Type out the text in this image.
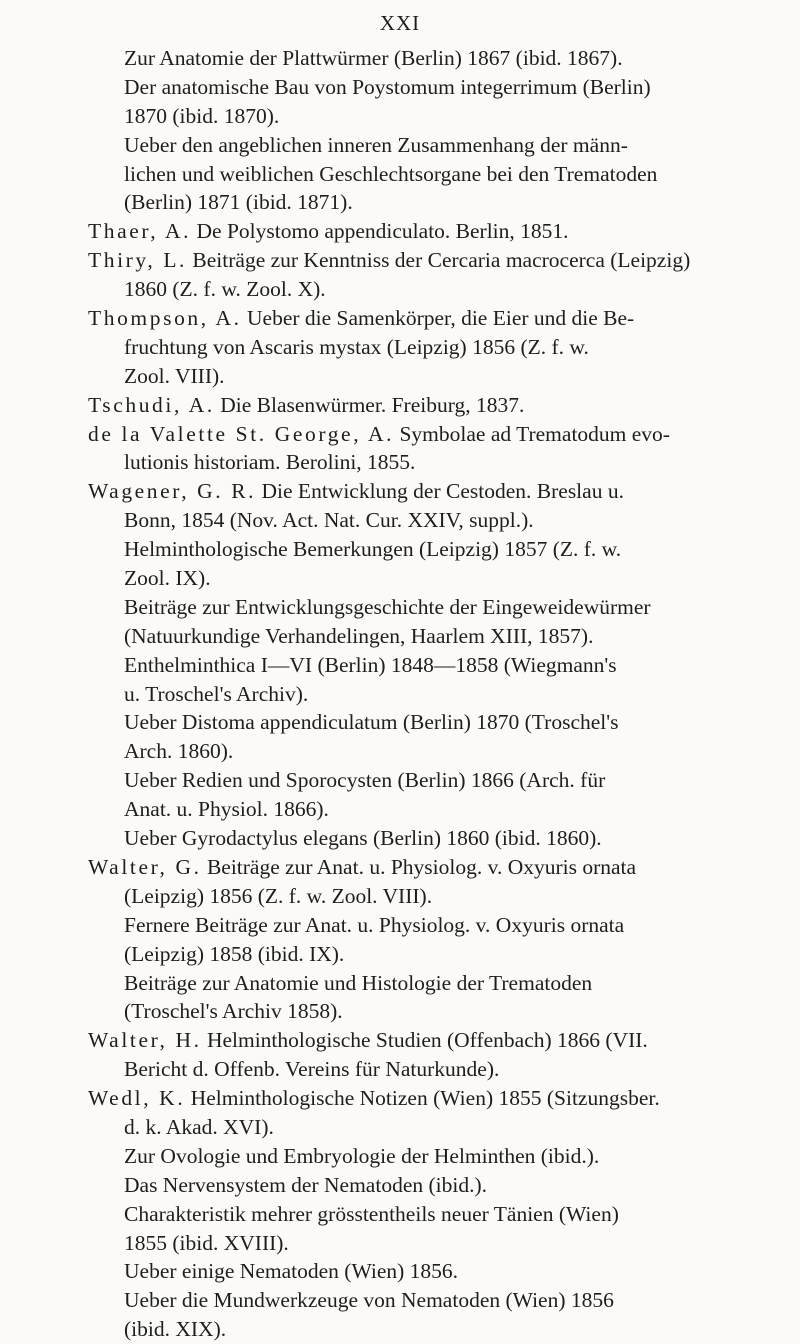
XXI
Zur Anatomie der Plattwürmer (Berlin) 1867 (ibid. 1867).
Der anatomische Bau von Poystomum integerrimum (Berlin)
1870 (ibid. 1870).
Ueber den angeblichen inneren Zusammenhang der männ-
lichen und weiblichen Geschlechtsorgane bei den Trematoden
(Berlin) 1871 (ibid. 1871).
Thaer, A. De Polystomo appendiculato. Berlin, 1851.
Thiry, L. Beiträge zur Kenntniss der Cercaria macrocerca (Leipzig)
1860 (Z. f. w. Zool. X).
Thompson, A. Ueber die Samenkörper, die Eier und die Be-
fruchtung von Ascaris mystax (Leipzig) 1856 (Z. f. w.
Zool. VIII).
Tschudi, A. Die Blasenwürmer. Freiburg, 1837.
de la Valette St. George, A. Symbolae ad Trematodum evo-
lutionis historiam. Berolini, 1855.
Wagener, G. R. Die Entwicklung der Cestoden. Breslau u.
Bonn, 1854 (Nov. Act. Nat. Cur. XXIV, suppl.).
Helminthologische Bemerkungen (Leipzig) 1857 (Z. f. w.
Zool. IX).
Beiträge zur Entwicklungsgeschichte der Eingeweidewürmer
(Natuurkundige Verhandelingen, Haarlem XIII, 1857).
Enthelminthica I—VI (Berlin) 1848—1858 (Wiegmann's
u. Troschel's Archiv).
Ueber Distoma appendiculatum (Berlin) 1870 (Troschel's
Arch. 1860).
Ueber Redien und Sporocysten (Berlin) 1866 (Arch. für
Anat. u. Physiol. 1866).
Ueber Gyrodactylus elegans (Berlin) 1860 (ibid. 1860).
Walter, G. Beiträge zur Anat. u. Physiolog. v. Oxyuris ornata
(Leipzig) 1856 (Z. f. w. Zool. VIII).
Fernere Beiträge zur Anat. u. Physiolog. v. Oxyuris ornata
(Leipzig) 1858 (ibid. IX).
Beiträge zur Anatomie und Histologie der Trematoden
(Troschel's Archiv 1858).
Walter, H. Helminthologische Studien (Offenbach) 1866 (VII.
Bericht d. Offenb. Vereins für Naturkunde).
Wedl, K. Helminthologische Notizen (Wien) 1855 (Sitzungsber.
d. k. Akad. XVI).
Zur Ovologie und Embryologie der Helminthen (ibid.).
Das Nervensystem der Nematoden (ibid.).
Charakteristik mehrer grösstentheils neuer Tänien (Wien)
1855 (ibid. XVIII).
Ueber einige Nematoden (Wien) 1856.
Ueber die Mundwerkzeuge von Nematoden (Wien) 1856
(ibid. XIX).
